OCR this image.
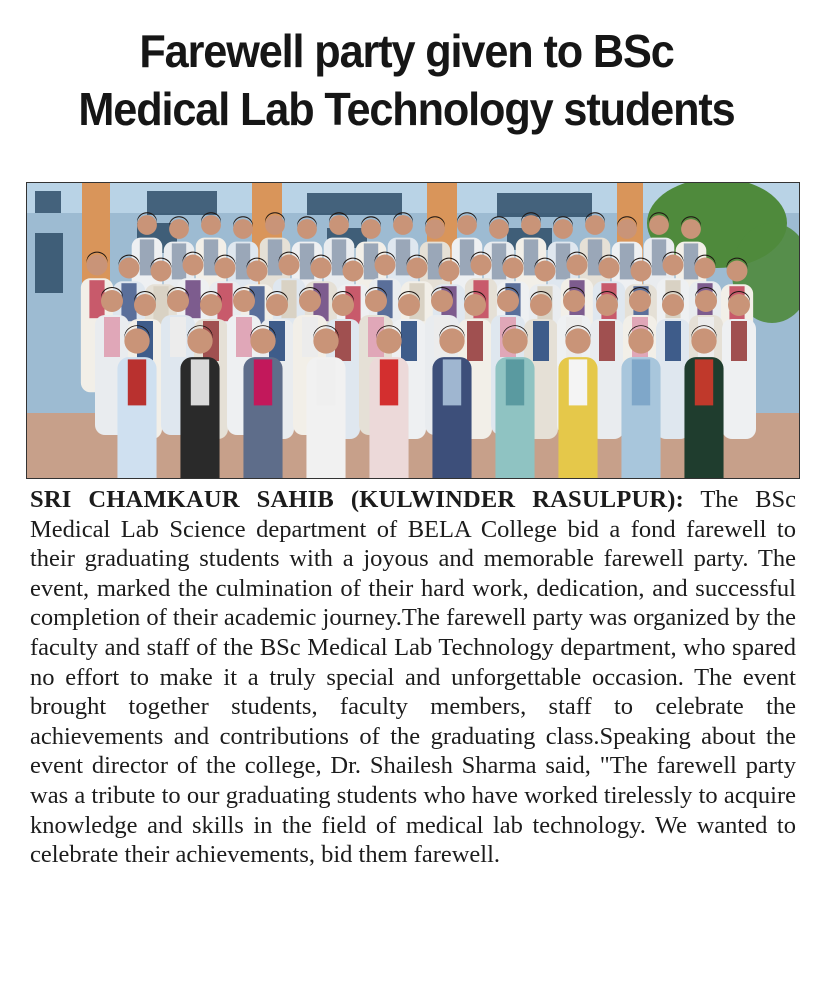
Farewell party given to BSc
Medical Lab Technology students
SRI CHAMKAUR SAHIB (KULWINDER RASULPUR): The BSc Medical Lab Science department of BELA College bid a fond farewell to their graduating students with a joyous and memorable farewell party. The event, marked the culmination of their hard work, dedication, and successful completion of their academic journey.The farewell party was organized by the faculty and staff of the BSc Medical Lab Technology department, who spared no effort to make it a truly special and unforgettable occasion. The event brought together students, faculty members, staff to celebrate the achievements and contributions of the graduating class.Speaking about the event director of the college, Dr. Shailesh Sharma said, "The farewell party was a tribute to our graduating students who have worked tirelessly to acquire knowledge and skills in the field of medical lab technology. We wanted to celebrate their achievements, bid them farewell.
